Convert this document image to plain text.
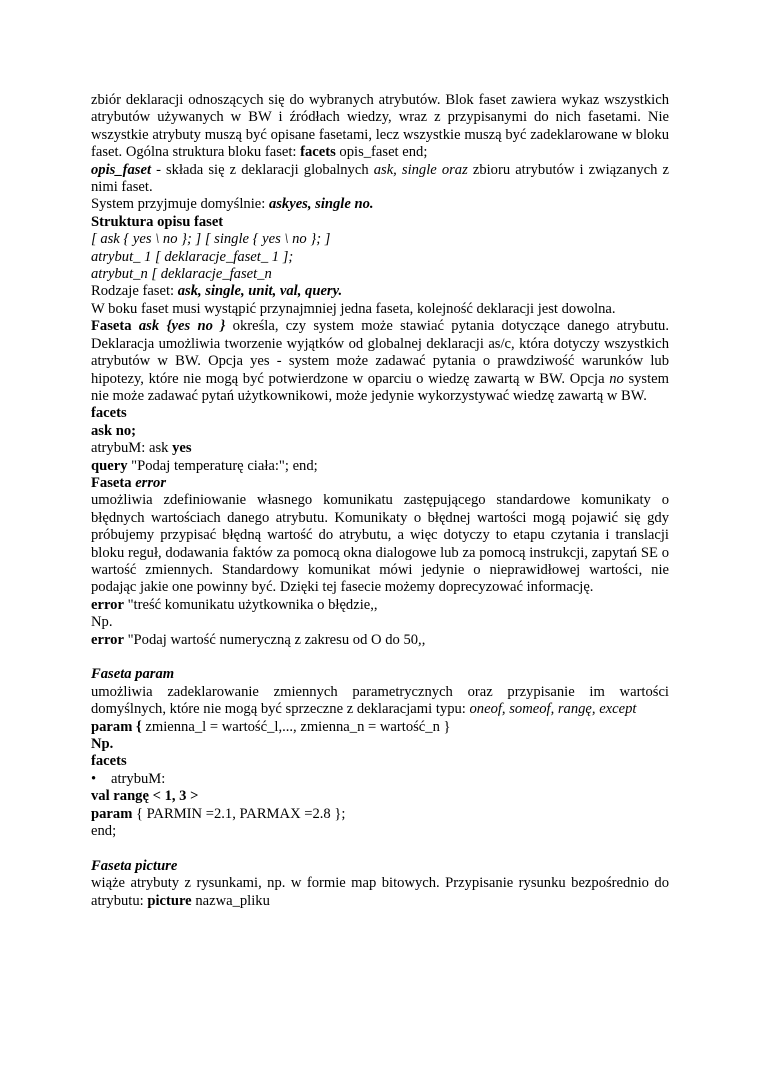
zbiór deklaracji odnoszących się do wybranych atrybutów. Blok faset zawiera wykaz wszystkich atrybutów używanych w BW i źródłach wiedzy, wraz z przypisanymi do nich fasetami. Nie wszystkie atrybuty muszą być opisane fasetami, lecz wszystkie muszą być zadeklarowane w bloku faset. Ogólna struktura bloku faset: facets opis_faset end;

opis_faset - składa się z deklaracji globalnych ask, single oraz zbioru atrybutów i związanych z nimi faset.

System przyjmuje domyślnie: askyes, single no.

Struktura opisu faset

[ ask { yes \ no }; ] [ single { yes \ no }; ]

atrybut_ 1 [ deklaracje_faset_ 1 ];

atrybut_n [ deklaracje_faset_n

Rodzaje faset: ask, single, unit, val, query.

W boku faset musi wystąpić przynajmniej jedna faseta, kolejność deklaracji jest dowolna.

Faseta ask {yes no } określa, czy system może stawiać pytania dotyczące danego atrybutu. Deklaracja umożliwia tworzenie wyjątków od globalnej deklaracji as/c, która dotyczy wszystkich atrybutów w BW. Opcja yes - system może zadawać pytania o prawdziwość warunków lub hipotezy, które nie mogą być potwierdzone w oparciu o wiedzę zawartą w BW. Opcja no system nie może zadawać pytań użytkownikowi, może jedynie wykorzystywać wiedzę zawartą w BW.

facets

ask no;

atrybuM: ask yes

query "Podaj temperaturę ciała:"; end;

Faseta error

umożliwia zdefiniowanie własnego komunikatu zastępującego standardowe komunikaty o błędnych wartościach danego atrybutu. Komunikaty o błędnej wartości mogą pojawić się gdy próbujemy przypisać błędną wartość do atrybutu, a więc dotyczy to etapu czytania i translacji bloku reguł, dodawania faktów za pomocą okna dialogowe lub za pomocą instrukcji, zapytań SE o wartość zmiennych. Standardowy komunikat mówi jedynie o nieprawidłowej wartości, nie podając jakie one powinny być. Dzięki tej fasecie możemy doprecyzować informację.

error "treść komunikatu użytkownika o błędzie,,

Np.

error "Podaj wartość numeryczną z zakresu od O do 50,,

Faseta param

umożliwia zadeklarowanie zmiennych parametrycznych oraz przypisanie im wartości domyślnych, które nie mogą być sprzeczne z deklaracjami typu: oneof, someof, rangę, except

param { zmienna_l = wartość_l,..., zmienna_n = wartość_n }

Np.

facets

• atrybuM:

val rangę < 1, 3 >

param { PARMIN =2.1, PARMAX =2.8 };

end;

Faseta picture

wiąże atrybuty z rysunkami, np. w formie map bitowych. Przypisanie rysunku bezpośrednio do atrybutu: picture nazwa_pliku
